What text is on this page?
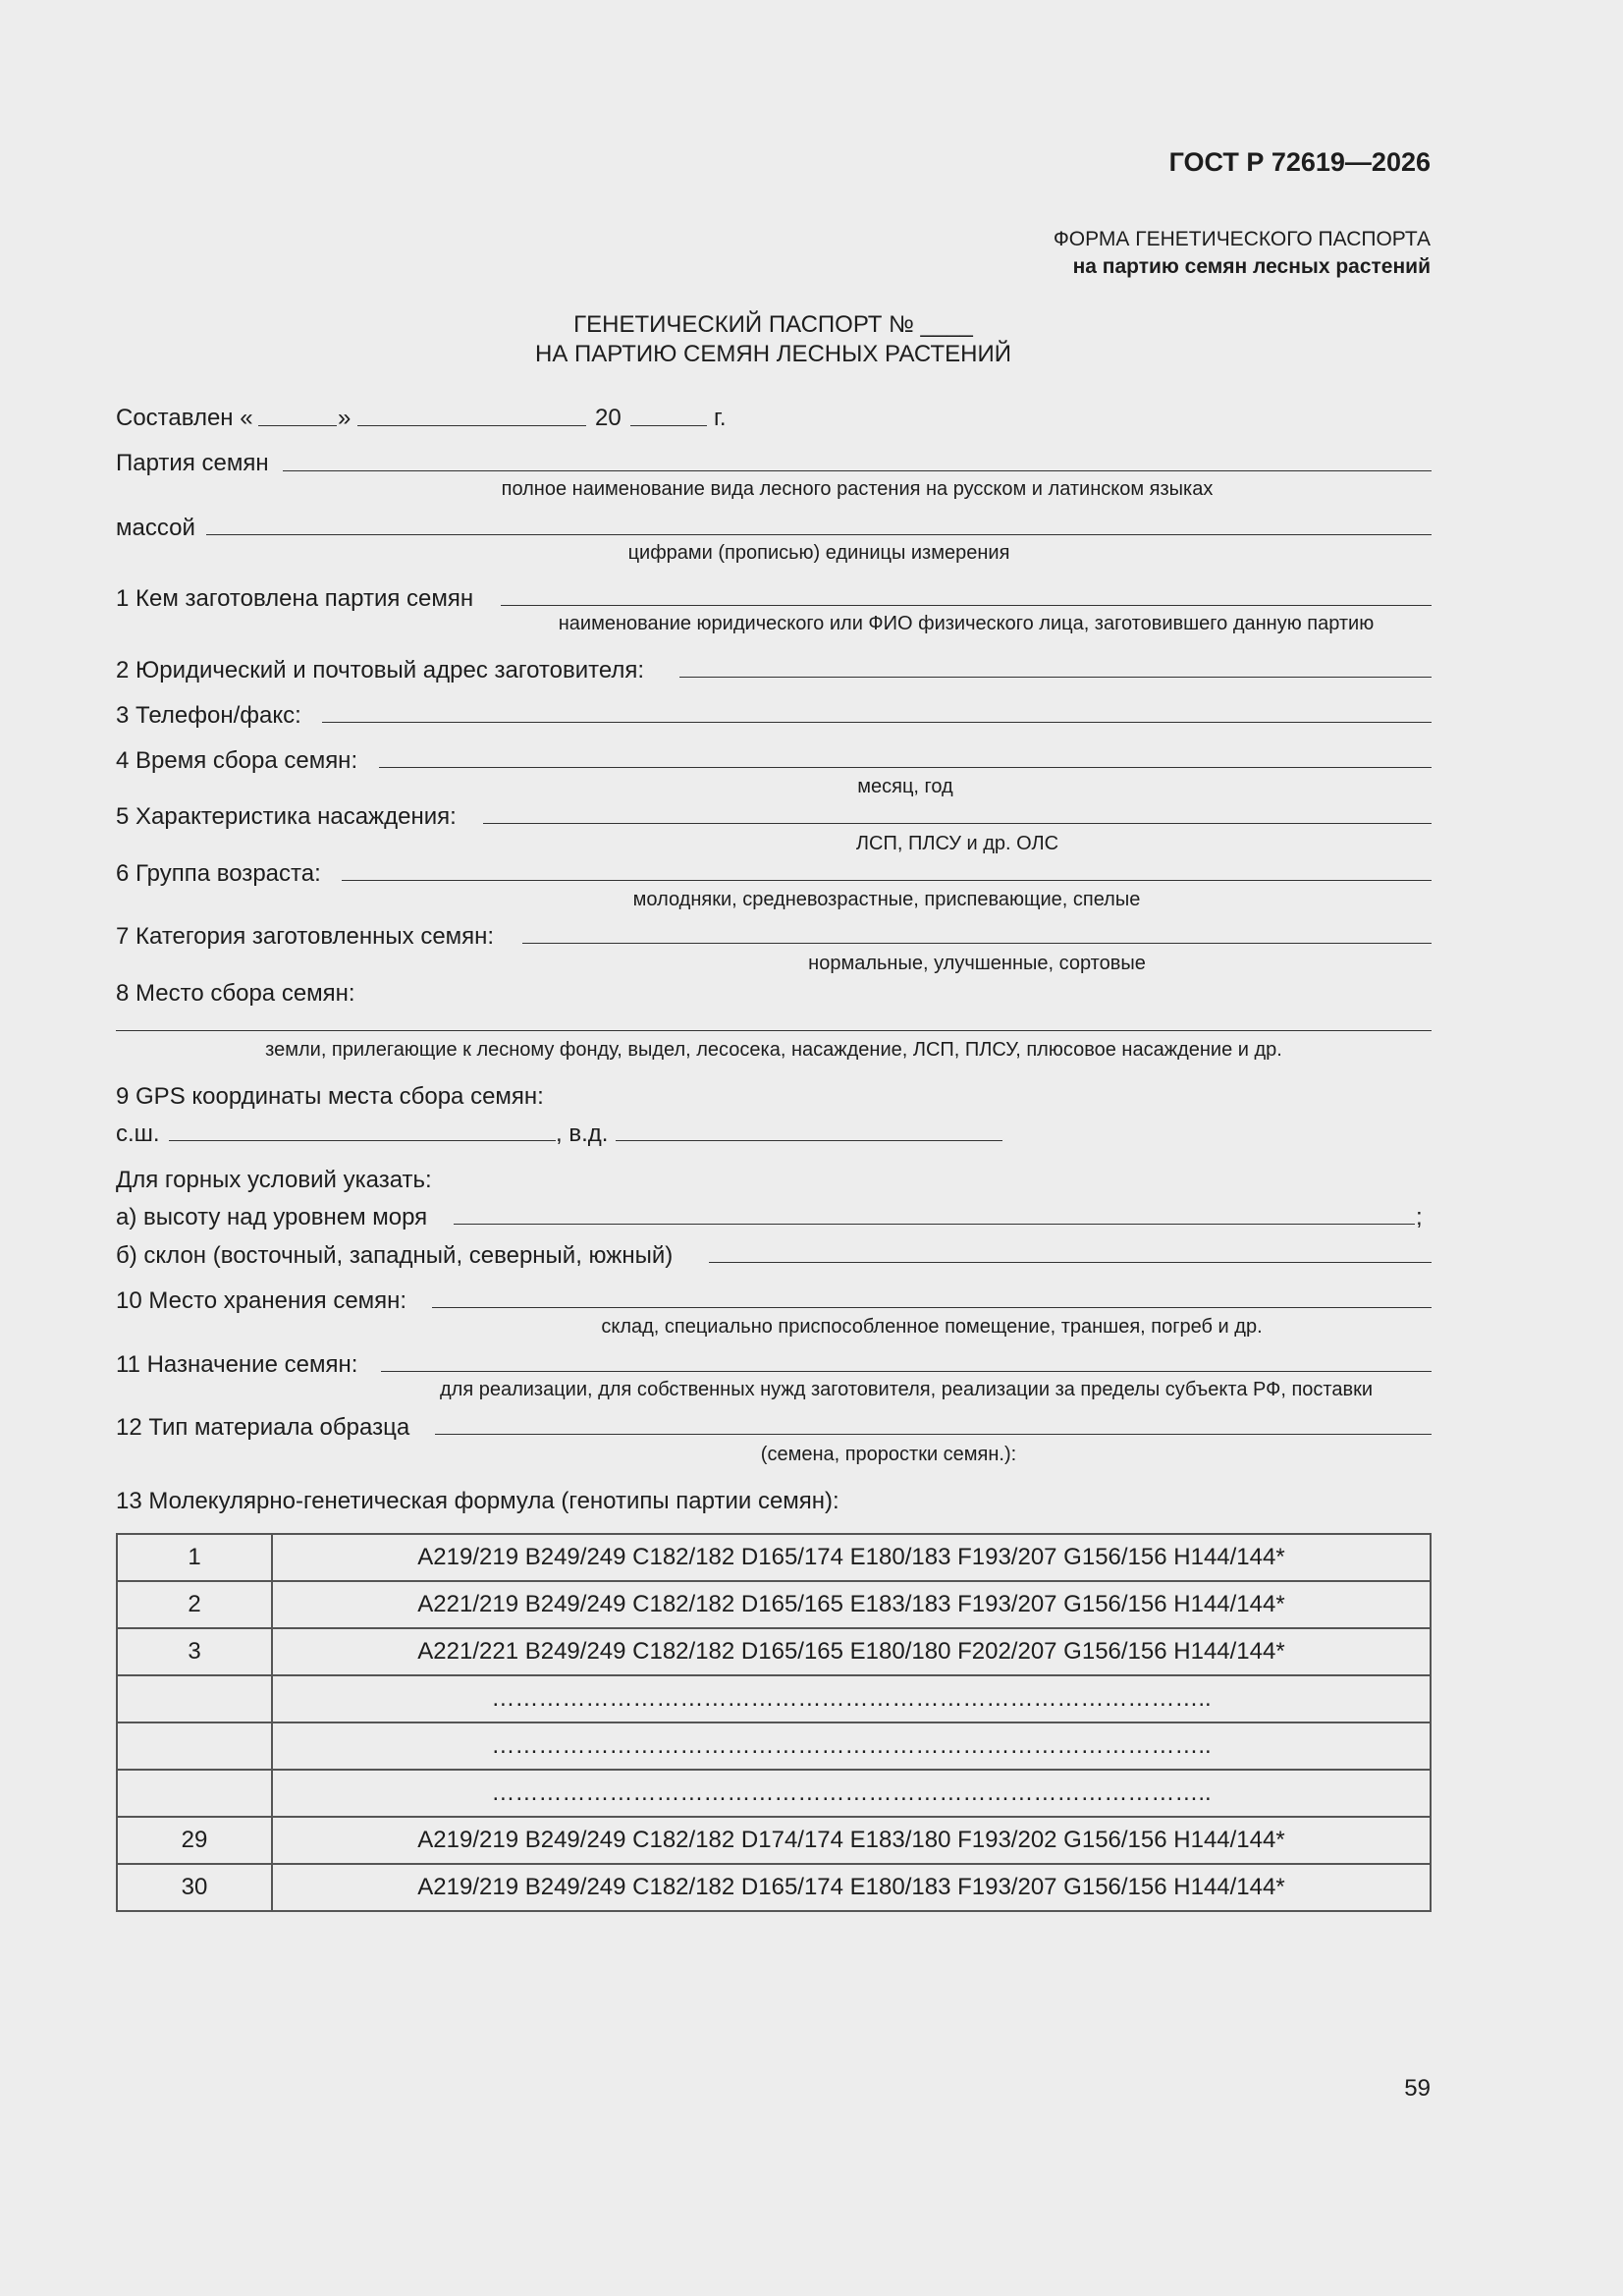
ГОСТ Р 72619—2026
ФОРМА ГЕНЕТИЧЕСКОГО ПАСПОРТА
на партию семян лесных растений
ГЕНЕТИЧЕСКИЙ ПАСПОРТ № ____
НА ПАРТИЮ СЕМЯН ЛЕСНЫХ РАСТЕНИЙ
Составлен «	»	20	г.
Партия семян
полное наименование вида лесного растения на русском и латинском языках
массой
цифрами (прописью) единицы измерения
1 Кем заготовлена партия семян
наименование юридического или ФИО физического лица, заготовившего данную партию
2 Юридический и почтовый адрес заготовителя:
3 Телефон/факс:
4 Время сбора семян:
месяц, год
5 Характеристика насаждения:
ЛСП, ПЛСУ и др. ОЛС
6 Группа возраста:
молодняки, средневозрастные, приспевающие, спелые
7 Категория заготовленных семян:
нормальные, улучшенные, сортовые
8 Место сбора семян:
земли, прилегающие к лесному фонду, выдел, лесосека, насаждение, ЛСП, ПЛСУ, плюсовое насаждение и др.
9 GPS координаты места сбора семян:
с.ш.	, в.д.
Для горных условий указать:
а) высоту над уровнем моря	;
б) склон (восточный, западный, северный, южный)
10 Место хранения семян:
склад, специально приспособленное помещение, траншея, погреб и др.
11 Назначение семян:
для реализации, для собственных нужд заготовителя, реализации за пределы субъекта РФ, поставки
12 Тип материала образца
(семена, проростки семян.):
13 Молекулярно-генетическая формула (генотипы партии семян):
1	A219/219 B249/249 C182/182 D165/174 E180/183 F193/207 G156/156 H144/144*
2	A221/219 B249/249 C182/182 D165/165 E183/183 F193/207 G156/156 H144/144*
3	A221/221 B249/249 C182/182 D165/165 E180/180 F202/207 G156/156 H144/144*
	………………………………………………………………………………..
	………………………………………………………………………………..
	………………………………………………………………………………..
29	A219/219 B249/249 C182/182 D174/174 E183/180 F193/202 G156/156 H144/144*
30	A219/219 B249/249 C182/182 D165/174 E180/183 F193/207 G156/156 H144/144*
59
